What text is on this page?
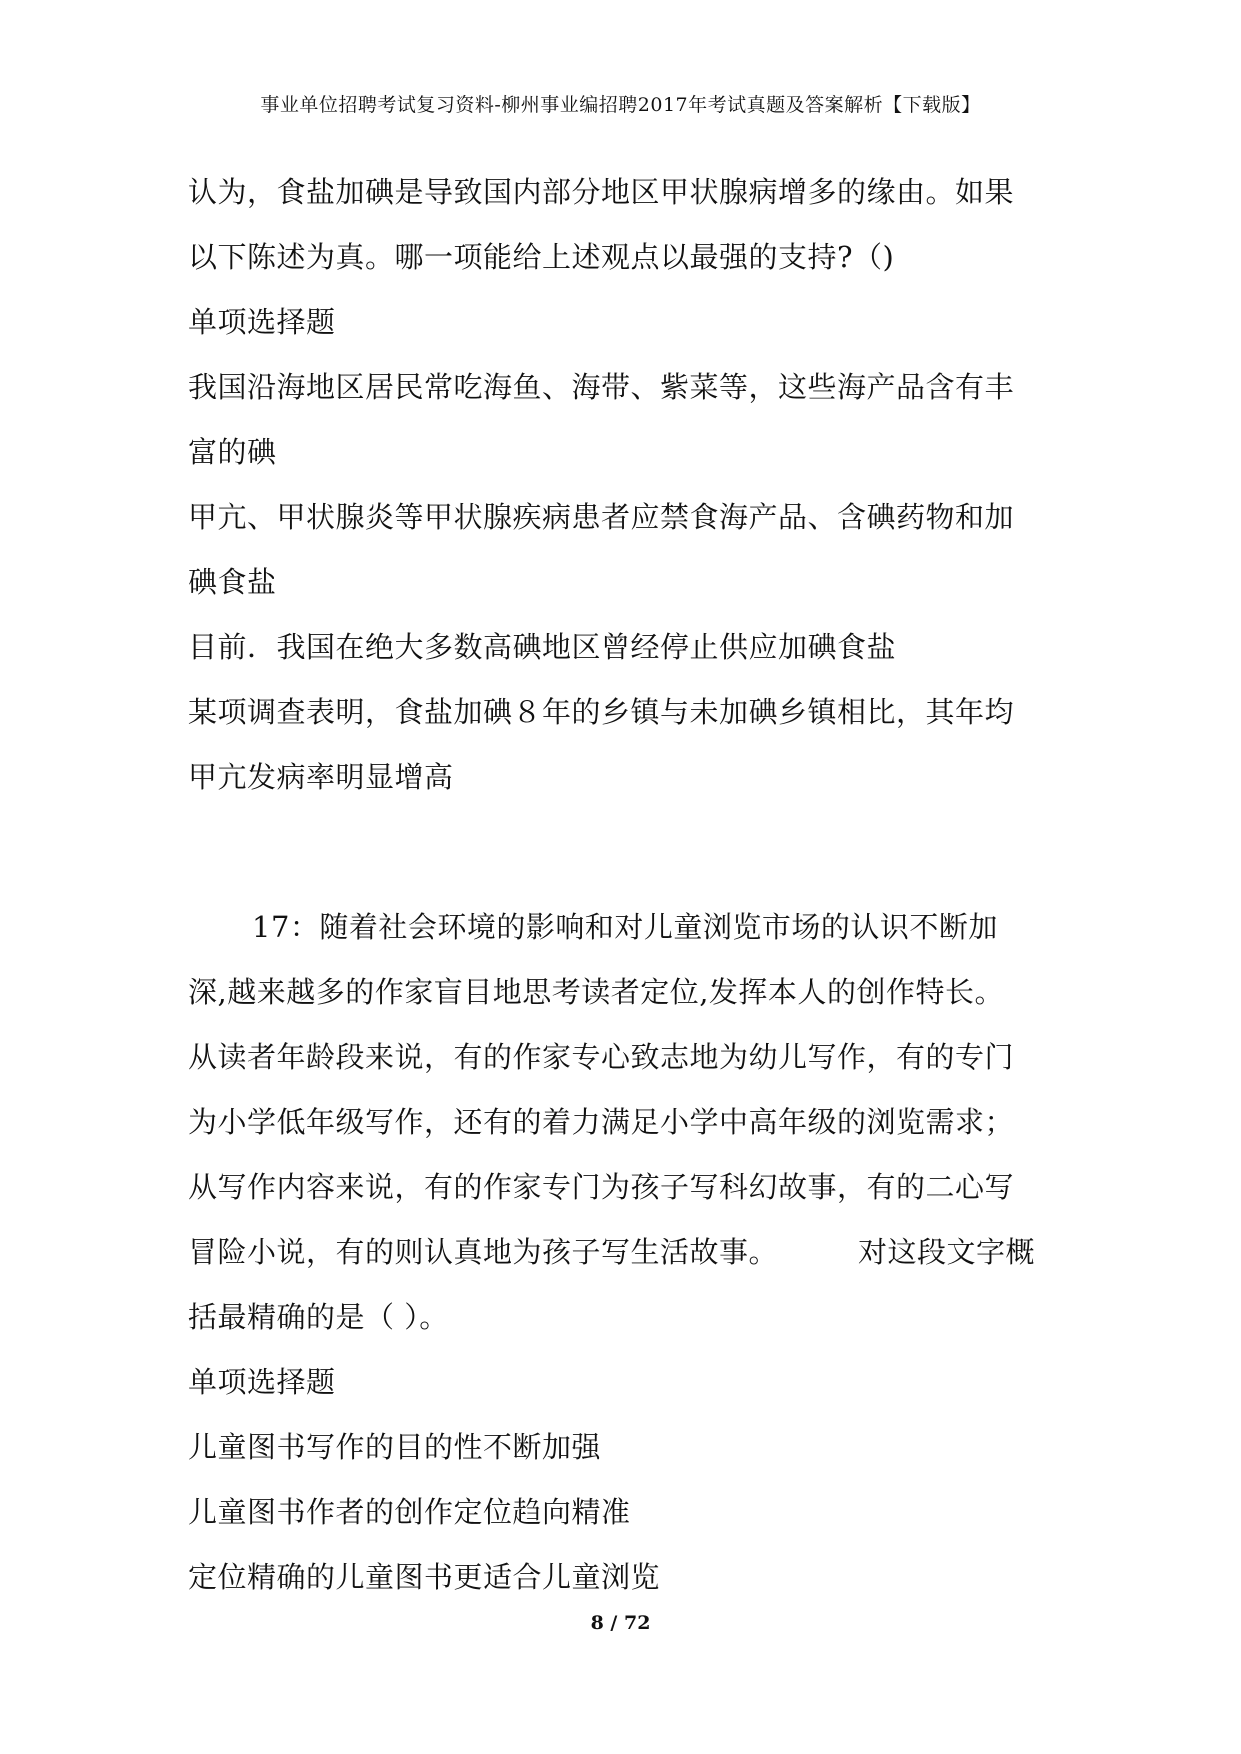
事业单位招聘考试复习资料-柳州事业编招聘2017年考试真题及答案解析【下载版】
认为，食盐加碘是导致国内部分地区甲状腺病增多的缘由。如果
以下陈述为真。哪一项能给上述观点以最强的支持?（)
单项选择题
我国沿海地区居民常吃海鱼、海带、紫菜等，这些海产品含有丰
富的碘
甲亢、甲状腺炎等甲状腺疾病患者应禁食海产品、含碘药物和加
碘食盐
目前．我国在绝大多数高碘地区曾经停止供应加碘食盐
某项调查表明，食盐加碘８年的乡镇与未加碘乡镇相比，其年均
甲亢发病率明显增高
17：随着社会环境的影响和对儿童浏览市场的认识不断加
深,越来越多的作家盲目地思考读者定位,发挥本人的创作特长。
从读者年龄段来说，有的作家专心致志地为幼儿写作，有的专门
为小学低年级写作，还有的着力满足小学中高年级的浏览需求；
从写作内容来说，有的作家专门为孩子写科幻故事，有的二心写
冒险小说，有的则认真地为孩子写生活故事。	对这段文字概
括最精确的是（ ）。
单项选择题
儿童图书写作的目的性不断加强
儿童图书作者的创作定位趋向精准
定位精确的儿童图书更适合儿童浏览
8 / 72
